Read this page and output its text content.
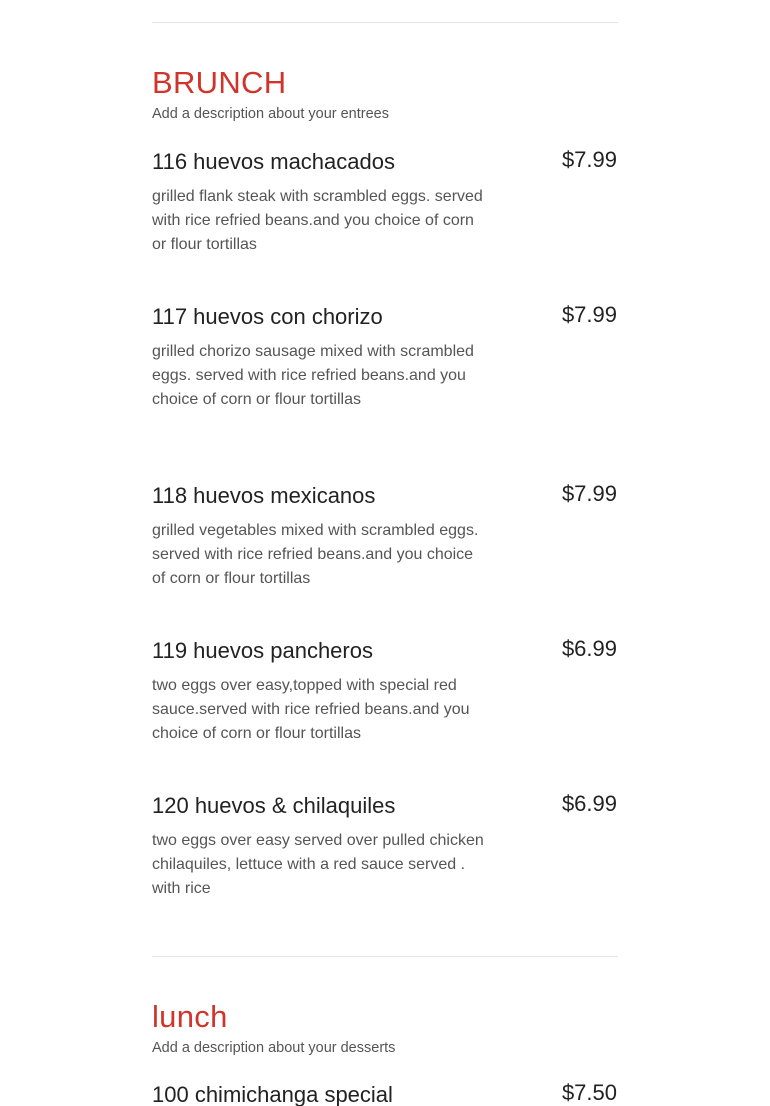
BRUNCH
Add a description about your entrees
116 huevos machacados	$7.99
grilled flank steak with scrambled eggs. served with rice refried beans.and you choice of corn or flour tortillas
117 huevos con chorizo	$7.99
grilled chorizo sausage mixed with scrambled eggs. served with rice refried beans.and you choice of corn or flour tortillas
118 huevos mexicanos	$7.99
grilled vegetables mixed with scrambled eggs. served with rice refried beans.and you choice of corn or flour tortillas
119 huevos pancheros	$6.99
two eggs over easy,topped with special red sauce.served with rice refried beans.and you choice of corn or flour tortillas
120 huevos & chilaquiles	$6.99
two eggs over easy served over pulled chicken chilaquiles, lettuce with a red sauce served . with rice
lunch
Add a description about your desserts
100 chimichanga special	$7.50
